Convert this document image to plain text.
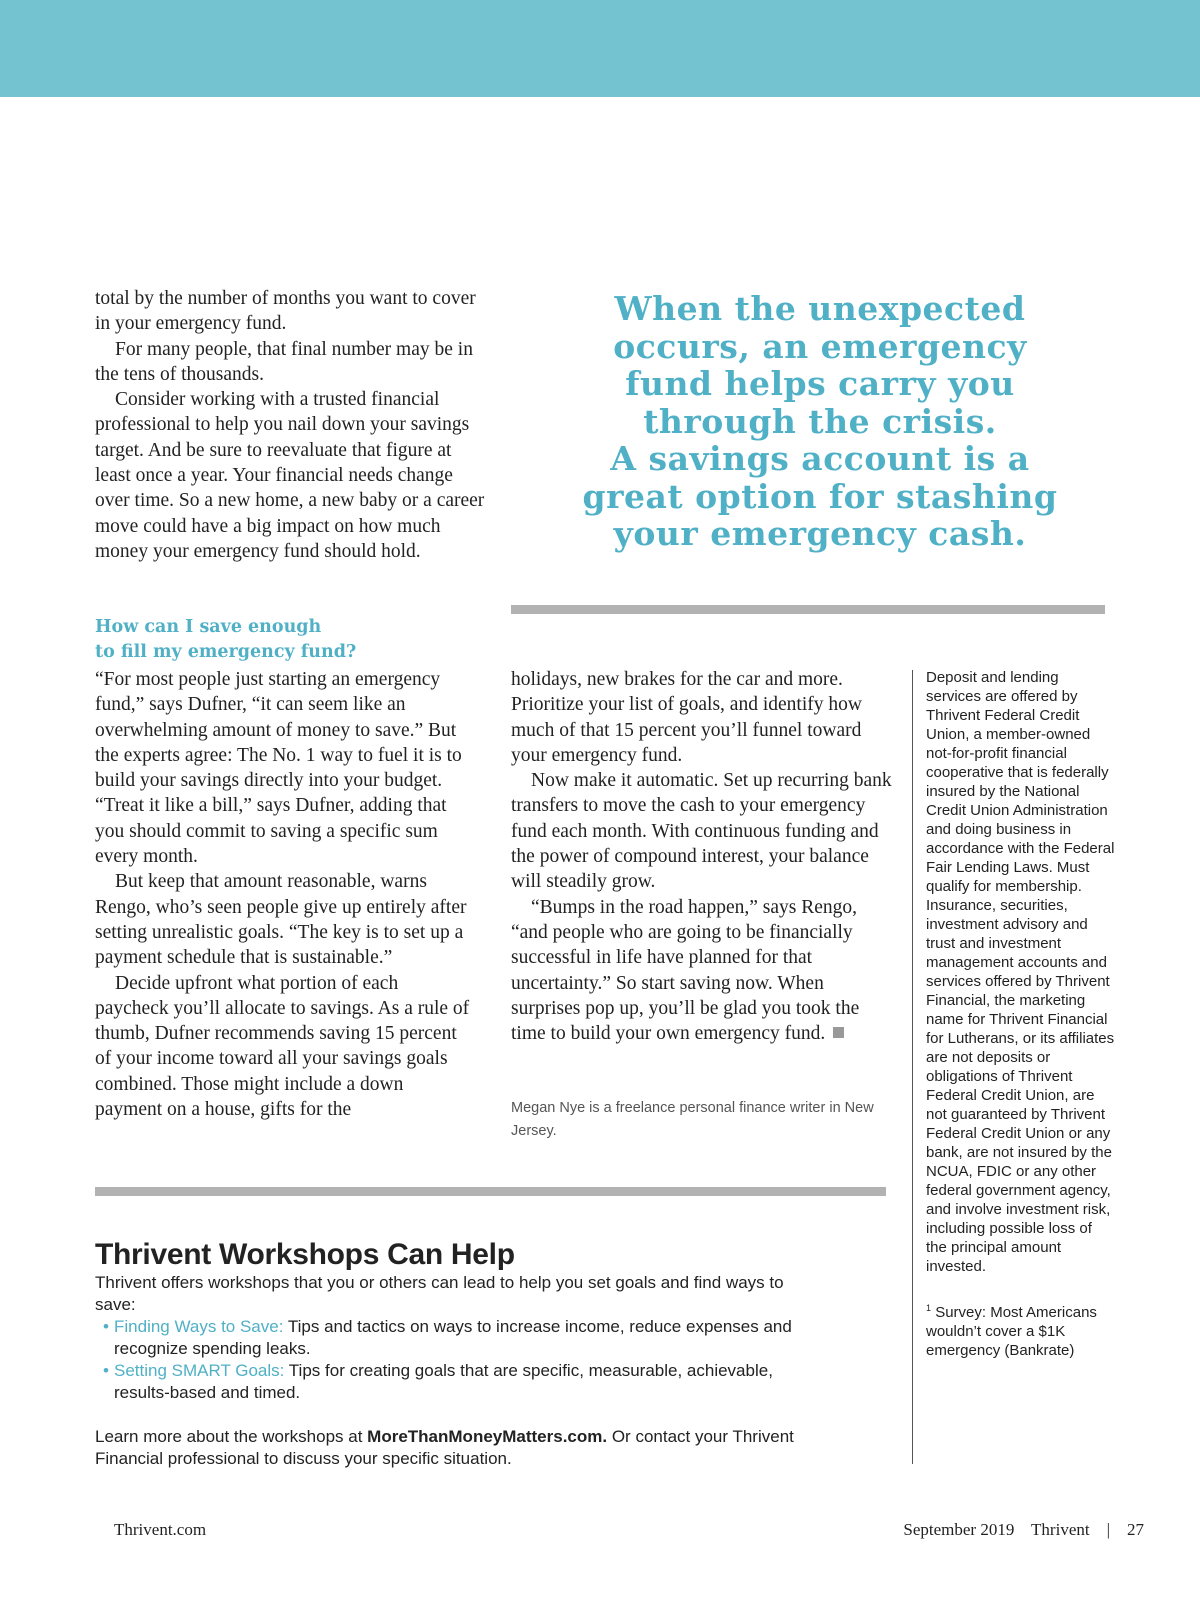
total by the number of months you want to cover in your emergency fund.

For many people, that final number may be in the tens of thousands.

Consider working with a trusted financial professional to help you nail down your savings target. And be sure to reevaluate that figure at least once a year. Your financial needs change over time. So a new home, a new baby or a career move could have a big impact on how much money your emergency fund should hold.

How can I save enough

to fill my emergency fund?

“For most people just starting an emergency fund,” says Dufner, “it can seem like an overwhelming amount of money to save.” But the experts agree: The No. 1 way to fuel it is to build your savings directly into your budget. “Treat it like a bill,” says Dufner, adding that you should commit to saving a specific sum every month.

But keep that amount reasonable, warns Rengo, who’s seen people give up entirely after setting unrealistic goals. “The key is to set up a payment schedule that is sustainable.”

Decide upfront what portion of each paycheck you’ll allocate to savings. As a rule of thumb, Dufner recommends saving 15 percent of your income toward all your savings goals combined. Those might include a down payment on a house, gifts for the

When the unexpected occurs, an emergency fund helps carry you through the crisis.

A savings account is a great option for stashing your emergency cash.

holidays, new brakes for the car and more. Prioritize your list of goals, and identify how much of that 15 percent you’ll funnel toward your emergency fund.

Now make it automatic. Set up recurring bank transfers to move the cash to your emergency fund each month. With continuous funding and the power of compound interest, your balance will steadily grow.

“Bumps in the road happen,” says Rengo, “and people who are going to be financially successful in life have planned for that uncertainty.” So start saving now. When surprises pop up, you’ll be glad you took the time to build your own emergency fund.

Megan Nye is a freelance personal finance writer in New Jersey.

Deposit and lending services are offered by Thrivent Federal Credit Union, a member-owned not-for-profit financial cooperative that is federally insured by the National Credit Union Administration and doing business in accordance with the Federal Fair Lending Laws. Must qualify for membership. Insurance, securities, investment advisory and trust and investment management accounts and services offered by Thrivent Financial, the marketing name for Thrivent Financial for Lutherans, or its affiliates are not deposits or obligations of Thrivent Federal Credit Union, are not guaranteed by Thrivent Federal Credit Union or any bank, are not insured by the NCUA, FDIC or any other federal government agency, and involve investment risk, including possible loss of the principal amount invested.

$^1$ Survey: Most Americans wouldn’t cover a $1K emergency (Bankrate)

Thrivent Workshops Can Help

Thrivent offers workshops that you or others can lead to help you set goals and find ways to save:

• Finding Ways to Save: Tips and tactics on ways to increase income, reduce expenses and recognize spending leaks.
• Setting SMART Goals: Tips for creating goals that are specific, measurable, achievable, results-based and timed.

Learn more about the workshops at MoreThanMoneyMatters.com. Or contact your Thrivent Financial professional to discuss your specific situation.

Thrivent.com	September 2019 Thrivent | 27
